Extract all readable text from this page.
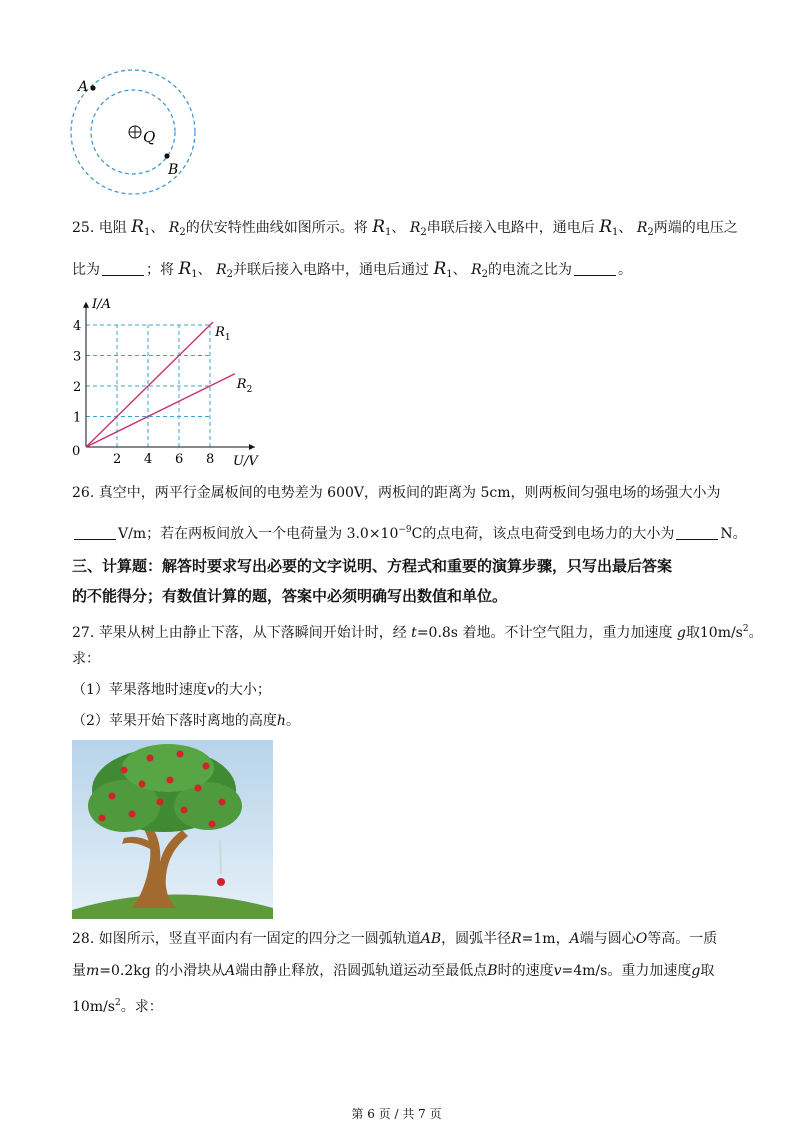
A
B
Q
25. 电阻 $R_1$、 $R_2$的伏安特性曲线如图所示。将 $R_1$、 $R_2$串联后接入电路中，通电后 $R_1$、 $R_2$两端的电压之
比为	；将 $R_1$、 $R_2$并联后接入电路中，通电后通过 $R_1$、 $R_2$的电流之比为	。
0
2 4 6 8
1
2
3
4
U/V
I/A
$R_1$
$R_2$
26. 真空中，两平行金属板间的电势差为 600V，两板间的距离为 5cm，则两板间匀强电场的场强大小为
V/m；若在两板间放入一个电荷量为 $3.0\times 10^{-9}C$的点电荷，该点电荷受到电场力的大小为	N。
三、计算题：解答时要求写出必要的文字说明、方程式和重要的演算步骤，只写出最后答案
的不能得分；有数值计算的题，答案中必须明确写出数值和单位。
27. 苹果从树上由静止下落，从下落瞬间开始计时，经 t=0.8s 着地。不计空气阻力，重力加速度 g取$10m/s^2$。
求：
（1）苹果落地时速度v的大小；
（2）苹果开始下落时离地的高度h。
28. 如图所示，竖直平面内有一固定的四分之一圆弧轨道AB，圆弧半径R=1m，A端与圆心O等高。一质
量m=0.2kg 的小滑块从A端由静止释放，沿圆弧轨道运动至最低点B时的速度v=4m/s。重力加速度g取
$10m/s^2$。求：
第 6 页 / 共 7 页
